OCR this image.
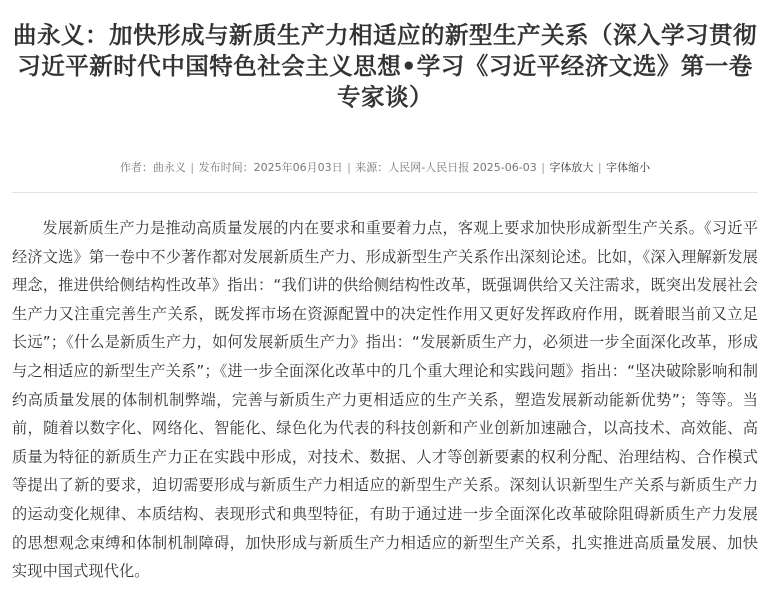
曲永义：加快形成与新质生产力相适应的新型生产关系（深入学习贯彻习近平新时代中国特色社会主义思想•学习《习近平经济文选》第一卷专家谈）
作者：曲永义 | 发布时间：2025年06月03日 | 来源：人民网-人民日报 2025-06-03 | 字体放大 | 字体缩小

发展新质生产力是推动高质量发展的内在要求和重要着力点，客观上要求加快形成新型生产关系。《习近平经济文选》第一卷中不少著作都对发展新质生产力、形成新型生产关系作出深刻论述。比如，《深入理解新发展理念，推进供给侧结构性改革》指出：“我们讲的供给侧结构性改革，既强调供给又关注需求，既突出发展社会生产力又注重完善生产关系，既发挥市场在资源配置中的决定性作用又更好发挥政府作用，既着眼当前又立足长远”；《什么是新质生产力，如何发展新质生产力》指出：“发展新质生产力，必须进一步全面深化改革，形成与之相适应的新型生产关系”；《进一步全面深化改革中的几个重大理论和实践问题》指出：“坚决破除影响和制约高质量发展的体制机制弊端，完善与新质生产力更相适应的生产关系，塑造发展新动能新优势”；等等。当前，随着以数字化、网络化、智能化、绿色化为代表的科技创新和产业创新加速融合，以高技术、高效能、高质量为特征的新质生产力正在实践中形成，对技术、数据、人才等创新要素的权利分配、治理结构、合作模式等提出了新的要求，迫切需要形成与新质生产力相适应的新型生产关系。深刻认识新型生产关系与新质生产力的运动变化规律、本质结构、表现形式和典型特征，有助于通过进一步全面深化改革破除阻碍新质生产力发展的思想观念束缚和体制机制障碍，加快形成与新质生产力相适应的新型生产关系，扎实推进高质量发展、加快实现中国式现代化。
